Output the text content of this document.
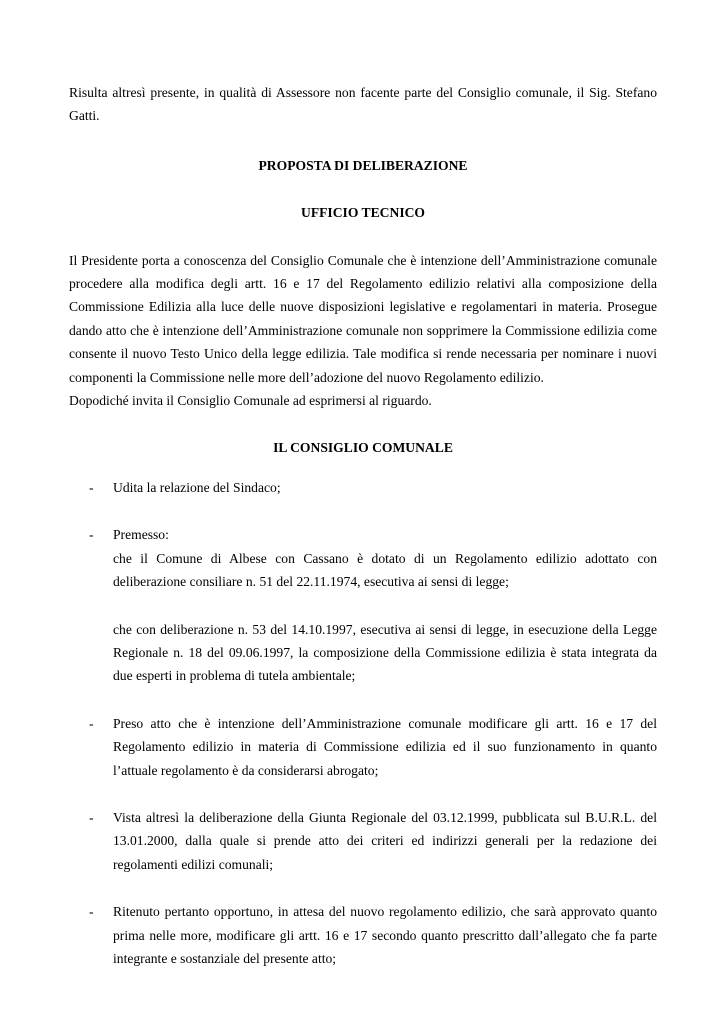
Risulta altresì presente, in qualità di Assessore non facente parte del Consiglio comunale, il Sig. Stefano Gatti.

PROPOSTA DI DELIBERAZIONE

UFFICIO TECNICO

Il Presidente porta a conoscenza del Consiglio Comunale che è intenzione dell’Amministrazione comunale procedere alla modifica degli artt. 16 e 17 del Regolamento edilizio relativi alla composizione della Commissione Edilizia alla luce delle nuove disposizioni legislative e regolamentari in materia. Prosegue dando atto che è intenzione dell’Amministrazione comunale non sopprimere la Commissione edilizia come consente il nuovo Testo Unico della legge edilizia. Tale modifica si rende necessaria per nominare i nuovi componenti la Commissione nelle more dell’adozione del nuovo Regolamento edilizio.

Dopodiché invita il Consiglio Comunale ad esprimersi al riguardo.

IL CONSIGLIO COMUNALE

-	Udita la relazione del Sindaco;

-	Premesso:

che il Comune di Albese con Cassano è dotato di un Regolamento edilizio adottato con deliberazione consiliare n. 51 del 22.11.1974, esecutiva ai sensi di legge;

che con deliberazione n. 53 del 14.10.1997, esecutiva ai sensi di legge, in esecuzione della Legge Regionale n. 18 del 09.06.1997, la composizione della Commissione edilizia è stata integrata da due esperti in problema di tutela ambientale;

-	Preso atto che è intenzione dell’Amministrazione comunale modificare gli artt. 16 e 17 del Regolamento edilizio in materia di Commissione edilizia ed il suo funzionamento in quanto l’attuale regolamento è da considerarsi abrogato;

-	Vista altresì la deliberazione della Giunta Regionale del 03.12.1999, pubblicata sul B.U.R.L. del 13.01.2000, dalla quale si prende atto dei criteri ed indirizzi generali per la redazione dei regolamenti edilizi comunali;

-	Ritenuto pertanto opportuno, in attesa del nuovo regolamento edilizio, che sarà approvato quanto prima nelle more, modificare gli artt. 16 e 17 secondo quanto prescritto dall’allegato che fa parte integrante e sostanziale del presente atto;
